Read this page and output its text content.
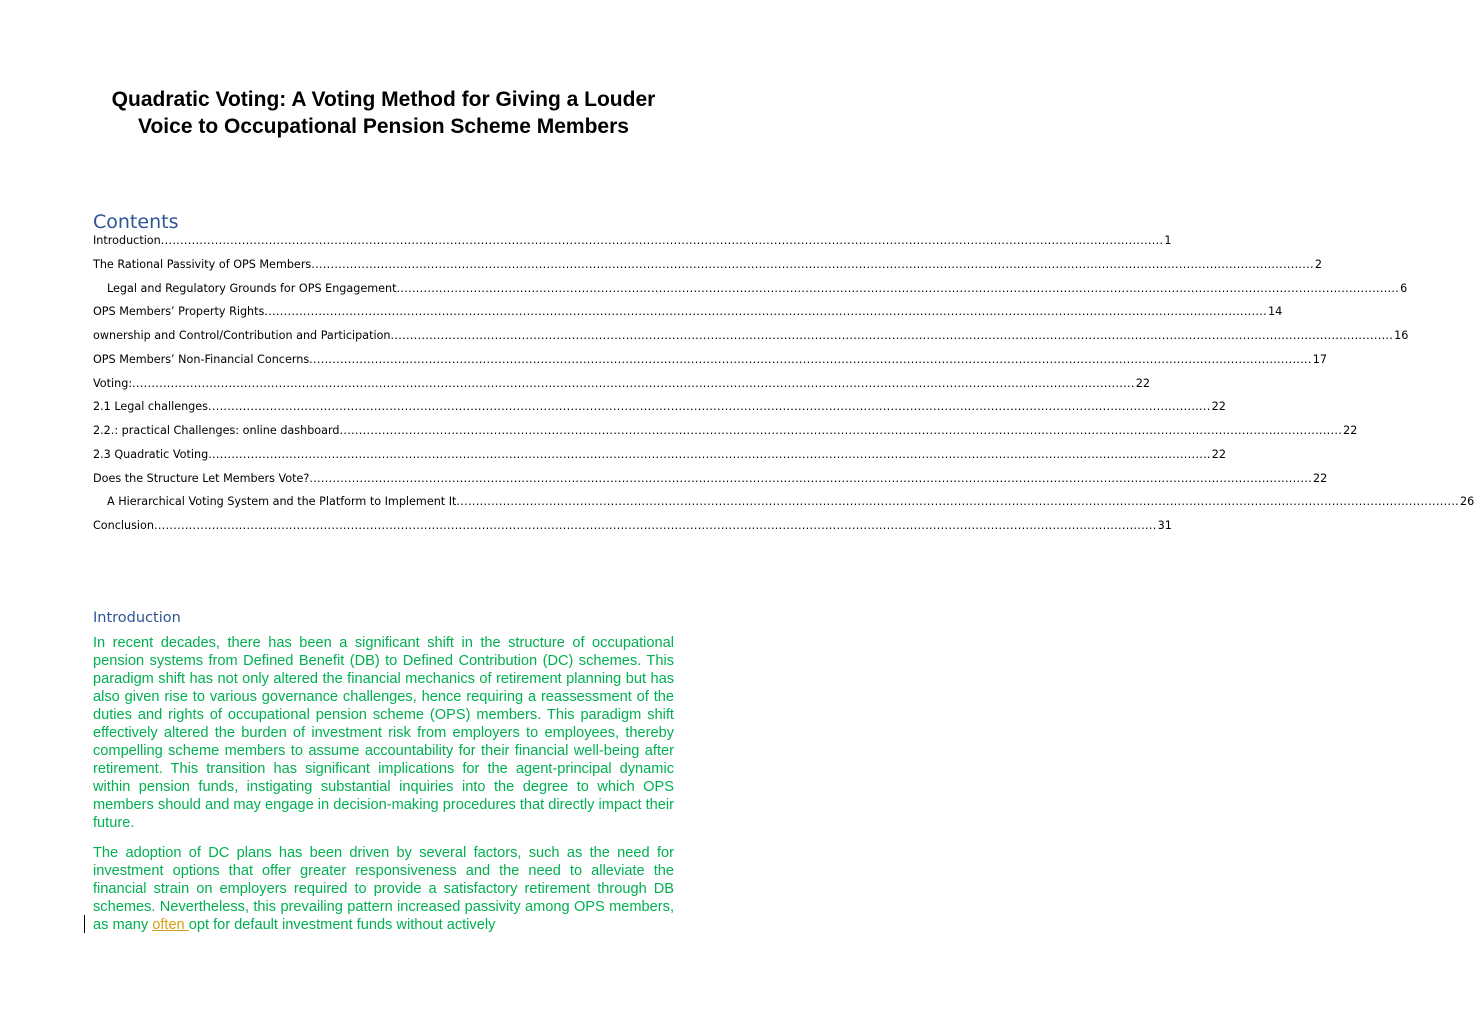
Quadratic Voting: A Voting Method for Giving a Louder Voice to Occupational Pension Scheme Members
Contents
Introduction .................................................................................................................................................................................................................................................................... 1
The Rational Passivity of OPS Members .................................................................................................................................................................................................................................................................... 2
Legal and Regulatory Grounds for OPS Engagement .................................................................................................................................................................................................................................................................... 6
OPS Members’ Property Rights .................................................................................................................................................................................................................................................................... 14
ownership and Control/Contribution and Participation .................................................................................................................................................................................................................................................................... 16
OPS Members’ Non-Financial Concerns .................................................................................................................................................................................................................................................................... 17
Voting: .................................................................................................................................................................................................................................................................... 22
2.1 Legal challenges .................................................................................................................................................................................................................................................................... 22
2.2.: practical Challenges: online dashboard .................................................................................................................................................................................................................................................................... 22
2.3 Quadratic Voting .................................................................................................................................................................................................................................................................... 22
Does the Structure Let Members Vote? .................................................................................................................................................................................................................................................................... 22
A Hierarchical Voting System and the Platform to Implement It .................................................................................................................................................................................................................................................................... 26
Conclusion .................................................................................................................................................................................................................................................................... 31
Introduction

In recent decades, there has been a significant shift in the structure of occupational pension systems from Defined Benefit (DB) to Defined Contribution (DC) schemes. This paradigm shift has not only altered the financial mechanics of retirement planning but has also given rise to various governance challenges, hence requiring a reassessment of the duties and rights of occupational pension scheme (OPS) members. This paradigm shift effectively altered the burden of investment risk from employers to employees, thereby compelling scheme members to assume accountability for their financial well-being after retirement. This transition has significant implications for the agent-principal dynamic within pension funds, instigating substantial inquiries into the degree to which OPS members should and may engage in decision-making procedures that directly impact their future.

The adoption of DC plans has been driven by several factors, such as the need for investment options that offer greater responsiveness and the need to alleviate the financial strain on employers required to provide a satisfactory retirement through DB schemes. Nevertheless, this prevailing pattern increased passivity among OPS members, as many often opt for default investment funds without actively
